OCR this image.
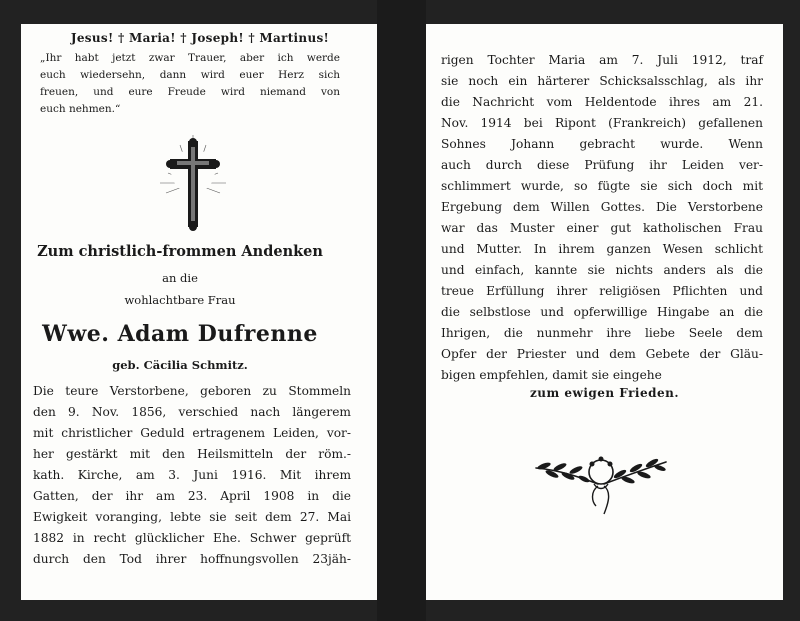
Jesus! † Maria! † Joseph! † Martinus!
„Ihr habt jetzt zwar Trauer, aber ich werde
euch wiedersehn, dann wird euer Herz sich
freuen, und eure Freude wird niemand von
euch nehmen.“
Zum christlich-frommen Andenken
an die
wohlachtbare Frau
Wwe. Adam Dufrenne
geb. Cäcilia Schmitz.
Die teure Verstorbene, geboren zu Stommeln
den 9. Nov. 1856, verschied nach längerem
mit christlicher Geduld ertragenem Leiden, vor-
her gestärkt mit den Heilsmitteln der röm.-
kath. Kirche, am 3. Juni 1916. Mit ihrem
Gatten, der ihr am 23. April 1908 in die
Ewigkeit voranging, lebte sie seit dem 27. Mai
1882 in recht glücklicher Ehe. Schwer geprüft
durch den Tod ihrer hoffnungsvollen 23jäh-
rigen Tochter Maria am 7. Juli 1912, traf
sie noch ein härterer Schicksalsschlag, als ihr
die Nachricht vom Heldentode ihres am 21.
Nov. 1914 bei Ripont (Frankreich) gefallenen
Sohnes Johann gebracht wurde. Wenn
auch durch diese Prüfung ihr Leiden ver-
schlimmert wurde, so fügte sie sich doch mit
Ergebung dem Willen Gottes. Die Verstorbene
war das Muster einer gut katholischen Frau
und Mutter. In ihrem ganzen Wesen schlicht
und einfach, kannte sie nichts anders als die
treue Erfüllung ihrer religiösen Pflichten und
die selbstlose und opferwillige Hingabe an die
Ihrigen, die nunmehr ihre liebe Seele dem
Opfer der Priester und dem Gebete der Gläu-
bigen empfehlen, damit sie eingehe
zum ewigen Frieden.
